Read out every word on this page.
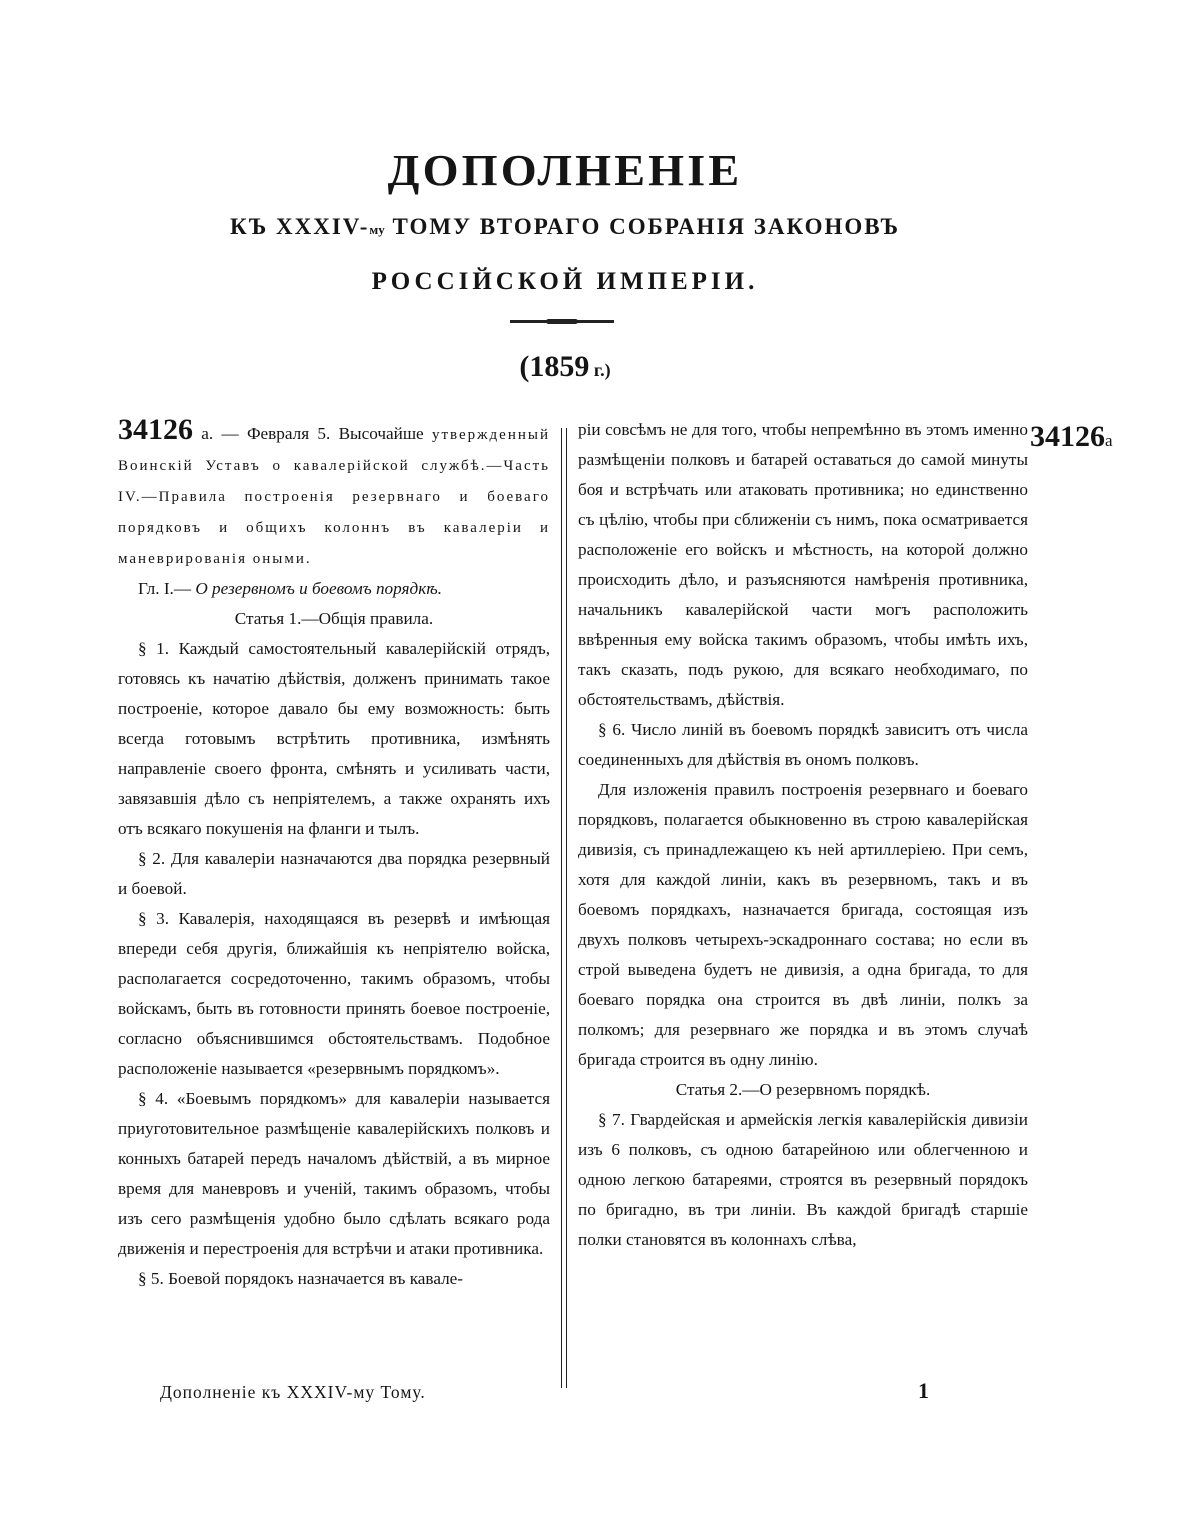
ДОПОЛНЕНІЕ
КЪ XXXIV-му ТОМУ ВТОРАГО СОБРАНІЯ ЗАКОНОВЪ
РОССІЙСКОЙ ИМПЕРІИ.
(1859 г.)

34126 а. — Февраля 5. Высочайше утвержденный Воинскій Уставъ о кавалерійской службѣ.—Часть IV.—Правила построенія резервнаго и боеваго порядковъ и общихъ колоннъ въ кавалеріи и маневрированія оными.

Гл. I.— О резервномъ и боевомъ порядкѣ.

Статья 1.—Общія правила.

§ 1. Каждый самостоятельный кавалерійскій отрядъ, готовясь къ начатію дѣйствія, долженъ принимать такое построеніе, которое давало бы ему возможность: быть всегда готовымъ встрѣтить противника, измѣнять направленіе своего фронта, смѣнять и усиливать части, завязавшія дѣло съ непріятелемъ, а также охранять ихъ отъ всякаго покушенія на фланги и тылъ.

§ 2. Для кавалеріи назначаются два порядка резервный и боевой.

§ 3. Кавалерія, находящаяся въ резервѣ и имѣющая впереди себя другія, ближайшія къ непріятелю войска, располагается сосредоточенно, такимъ образомъ, чтобы войскамъ, быть въ готовности принять боевое построеніе, согласно объяснившимся обстоятельствамъ. Подобное расположеніе называется «резервнымъ порядкомъ».

§ 4. «Боевымъ порядкомъ» для кавалеріи называется приуготовительное размѣщеніе кавалерійскихъ полковъ и конныхъ батарей передъ началомъ дѣйствій, а въ мирное время для маневровъ и ученій, такимъ образомъ, чтобы изъ сего размѣщенія удобно было сдѣлать всякаго рода движенія и перестроенія для встрѣчи и атаки противника.

§ 5. Боевой порядокъ назначается въ кавале-

ріи совсѣмъ не для того, чтобы непремѣнно въ этомъ именно размѣщеніи полковъ и батарей оставаться до самой минуты боя и встрѣчать или атаковать противника; но единственно съ цѣлію, чтобы при сближеніи съ нимъ, пока осматривается расположеніе его войскъ и мѣстность, на которой должно происходить дѣло, и разъясняются намѣренія противника, начальникъ кавалерійской части могъ расположить ввѣренныя ему войска такимъ образомъ, чтобы имѣть ихъ, такъ сказать, подъ рукою, для всякаго необходимаго, по обстоятельствамъ, дѣйствія.

§ 6. Число линій въ боевомъ порядкѣ зависитъ отъ числа соединенныхъ для дѣйствія въ ономъ полковъ.

Для изложенія правилъ построенія резервнаго и боеваго порядковъ, полагается обыкновенно въ строю кавалерійская дивизія, съ принадлежащею къ ней артиллеріею. При семъ, хотя для каждой линіи, какъ въ резервномъ, такъ и въ боевомъ порядкахъ, назначается бригада, состоящая изъ двухъ полковъ четырехъ-эскадроннаго состава; но если въ строй выведена будетъ не дивизія, а одна бригада, то для боеваго порядка она строится въ двѣ линіи, полкъ за полкомъ; для резервнаго же порядка и въ этомъ случаѣ бригада строится въ одну линію.

Статья 2.—О резервномъ порядкѣ.

§ 7. Гвардейская и армейскія легкія кавалерійскія дивизіи изъ 6 полковъ, съ одною батарейною или облегченною и одною легкою батареями, строятся въ резервный порядокъ по бригадно, въ три линіи. Въ каждой бригадѣ старшіе полки становятся въ колоннахъ слѣва,

34126а
Дополненіе къ XXXIV-му Тому.	1
